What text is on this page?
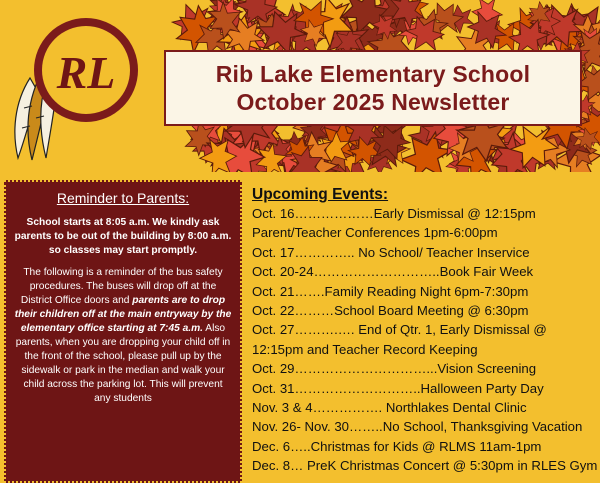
RL	Rib Lake Elementary School
October 2025 Newsletter
Reminder to Parents:

School starts at 8:05 a.m. We kindly ask parents to be out of the building by 8:00 a.m. so classes may start promptly.

The following is a reminder of the bus safety procedures. The buses will drop off at the District Office doors and parents are to drop their children off at the main entryway by the elementary office starting at 7:45 a.m. Also parents, when you are dropping your child off in the front of the school, please pull up by the sidewalk or park in the median and walk your child across the parking lot. This will prevent any students

Upcoming Events:
Oct. 16………………Early Dismissal @ 12:15pm
Parent/Teacher Conferences 1pm-6:00pm
Oct. 17………….. No School/ Teacher Inservice
Oct. 20-24………………………..Book Fair Week
Oct. 21…….Family Reading Night 6pm-7:30pm
Oct. 22………School Board Meeting @ 6:30pm
Oct. 27……….…. End of Qtr. 1, Early Dismissal @ 12:15pm and Teacher Record Keeping
Oct. 29…………………………...Vision Screening
Oct. 31………………………..Halloween Party Day
Nov. 3 & 4……………. Northlakes Dental Clinic
Nov. 26- Nov. 30……..No School, Thanksgiving Vacation
Dec. 6…..Christmas for Kids @ RLMS 11am-1pm
Dec. 8… PreK Christmas Concert @ 5:30pm in RLES Gym
